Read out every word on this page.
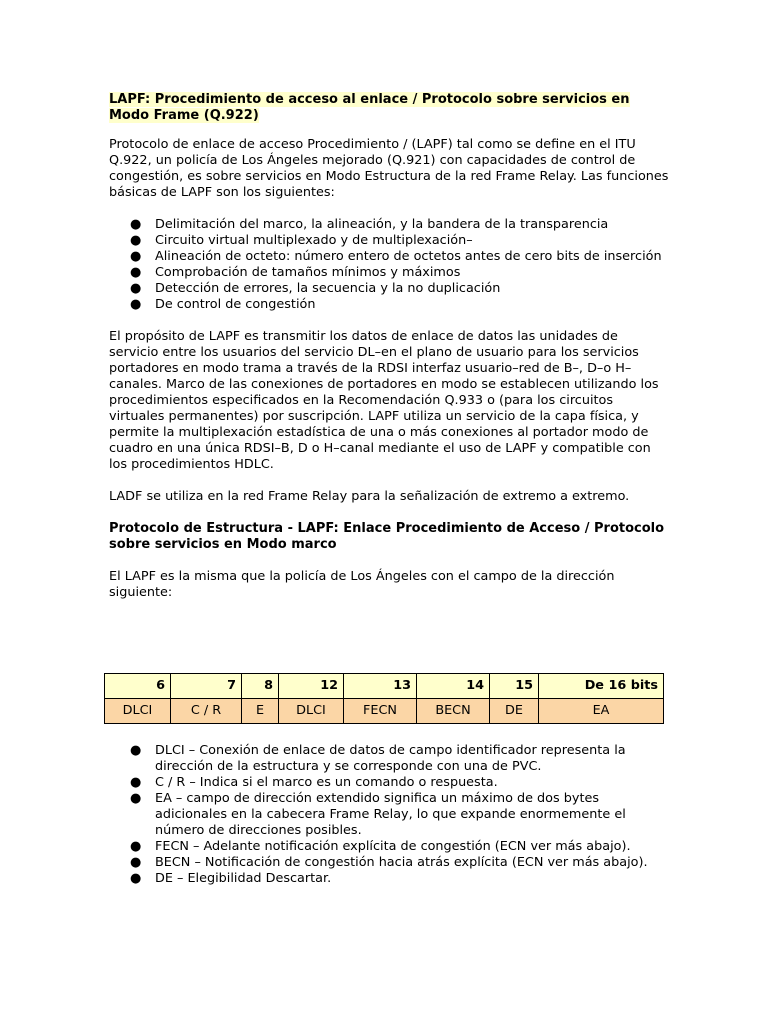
LAPF: Procedimiento de acceso al enlace / Protocolo sobre servicios en Modo Frame (Q.922)

Protocolo de enlace de acceso Procedimiento / (LAPF) tal como se define en el ITU Q.922, un policía de Los Ángeles mejorado (Q.921) con capacidades de control de congestión, es sobre servicios en Modo Estructura de la red Frame Relay. Las funciones básicas de LAPF son los siguientes:

● Delimitación del marco, la alineación, y la bandera de la transparencia
● Circuito virtual multiplexado y de multiplexación–
● Alineación de octeto: número entero de octetos antes de cero bits de inserción
● Comprobación de tamaños mínimos y máximos
● Detección de errores, la secuencia y la no duplicación
● De control de congestión

El propósito de LAPF es transmitir los datos de enlace de datos las unidades de servicio entre los usuarios del servicio DL–en el plano de usuario para los servicios portadores en modo trama a través de la RDSI interfaz usuario–red de B–, D–o H–canales. Marco de las conexiones de portadores en modo se establecen utilizando los procedimientos especificados en la Recomendación Q.933 o (para los circuitos virtuales permanentes) por suscripción. LAPF utiliza un servicio de la capa física, y permite la multiplexación estadística de una o más conexiones al portador modo de cuadro en una única RDSI–B, D o H–canal mediante el uso de LAPF y compatible con los procedimientos HDLC.

LADF se utiliza en la red Frame Relay para la señalización de extremo a extremo.

Protocolo de Estructura - LAPF: Enlace Procedimiento de Acceso / Protocolo sobre servicios en Modo marco

El LAPF es la misma que la policía de Los Ángeles con el campo de la dirección siguiente:

6	7	8	12	13	14	15	De 16 bits
DLCI	C / R	E	DLCI	FECN	BECN	DE	EA
● DLCI – Conexión de enlace de datos de campo identificador representa la dirección de la estructura y se corresponde con una de PVC.
● C / R – Indica si el marco es un comando o respuesta.
● EA – campo de dirección extendido significa un máximo de dos bytes adicionales en la cabecera Frame Relay, lo que expande enormemente el número de direcciones posibles.
● FECN – Adelante notificación explícita de congestión (ECN ver más abajo).
● BECN – Notificación de congestión hacia atrás explícita (ECN ver más abajo).
● DE – Elegibilidad Descartar.
